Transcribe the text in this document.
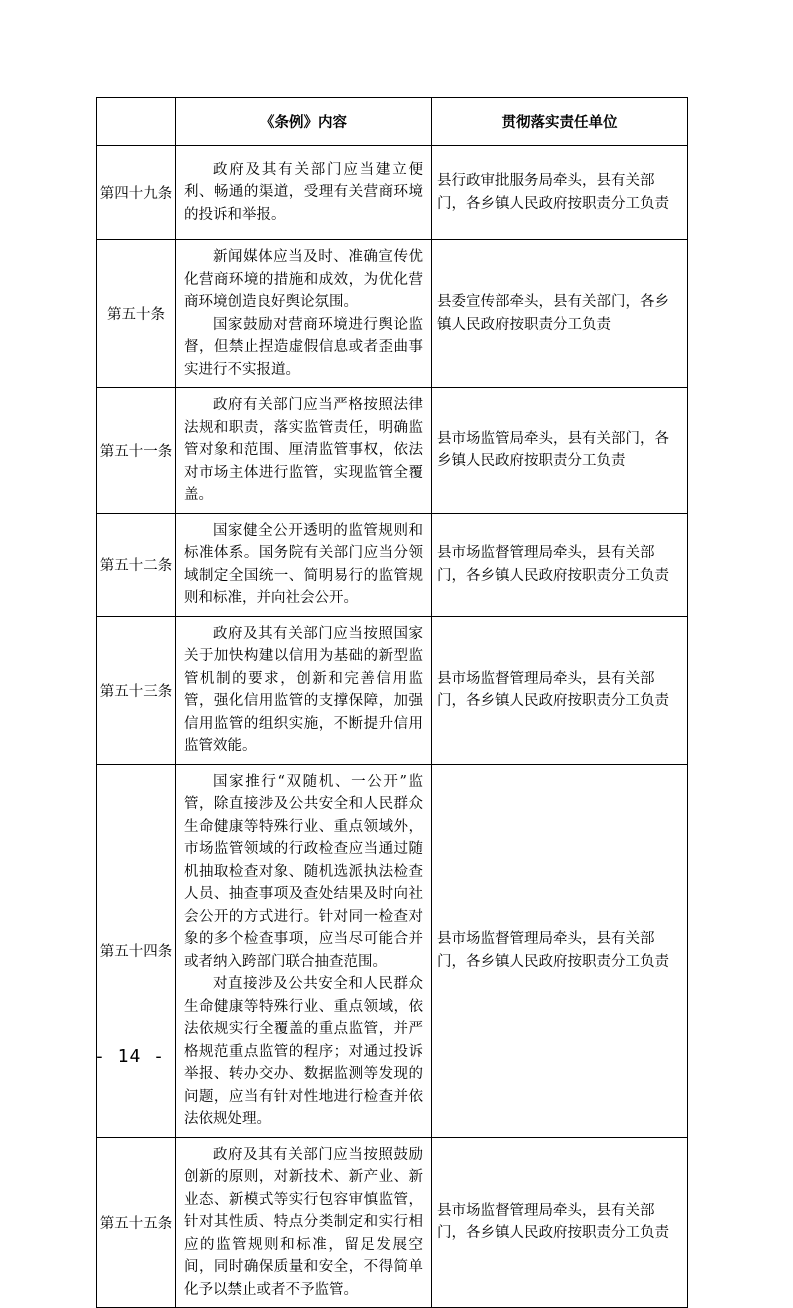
	《条例》内容	贯彻落实责任单位
第四十九条	政府及其有关部门应当建立便利、畅通的渠道，受理有关营商环境的投诉和举报。	县行政审批服务局牵头，县有关部门，各乡镇人民政府按职责分工负责
第五十条	新闻媒体应当及时、准确宣传优化营商环境的措施和成效，为优化营商环境创造良好舆论氛围。

国家鼓励对营商环境进行舆论监督，但禁止捏造虚假信息或者歪曲事实进行不实报道。	县委宣传部牵头，县有关部门，各乡镇人民政府按职责分工负责
第五十一条	政府有关部门应当严格按照法律法规和职责，落实监管责任，明确监管对象和范围、厘清监管事权，依法对市场主体进行监管，实现监管全覆盖。	县市场监管局牵头，县有关部门，各乡镇人民政府按职责分工负责
第五十二条	国家健全公开透明的监管规则和标准体系。国务院有关部门应当分领域制定全国统一、简明易行的监管规则和标准，并向社会公开。	县市场监督管理局牵头，县有关部门，各乡镇人民政府按职责分工负责
第五十三条	政府及其有关部门应当按照国家关于加快构建以信用为基础的新型监管机制的要求，创新和完善信用监管，强化信用监管的支撑保障，加强信用监管的组织实施，不断提升信用监管效能。	县市场监督管理局牵头，县有关部门，各乡镇人民政府按职责分工负责
第五十四条	国家推行“双随机、一公开”监管，除直接涉及公共安全和人民群众生命健康等特殊行业、重点领域外，市场监管领域的行政检查应当通过随机抽取检查对象、随机选派执法检查人员、抽查事项及查处结果及时向社会公开的方式进行。针对同一检查对象的多个检查事项，应当尽可能合并或者纳入跨部门联合抽查范围。

对直接涉及公共安全和人民群众生命健康等特殊行业、重点领域，依法依规实行全覆盖的重点监管，并严格规范重点监管的程序；对通过投诉举报、转办交办、数据监测等发现的问题，应当有针对性地进行检查并依法依规处理。	县市场监督管理局牵头，县有关部门，各乡镇人民政府按职责分工负责
第五十五条	政府及其有关部门应当按照鼓励创新的原则，对新技术、新产业、新业态、新模式等实行包容审慎监管，针对其性质、特点分类制定和实行相应的监管规则和标准，留足发展空间，同时确保质量和安全，不得简单化予以禁止或者不予监管。	县市场监督管理局牵头，县有关部门，各乡镇人民政府按职责分工负责
- 14 -
